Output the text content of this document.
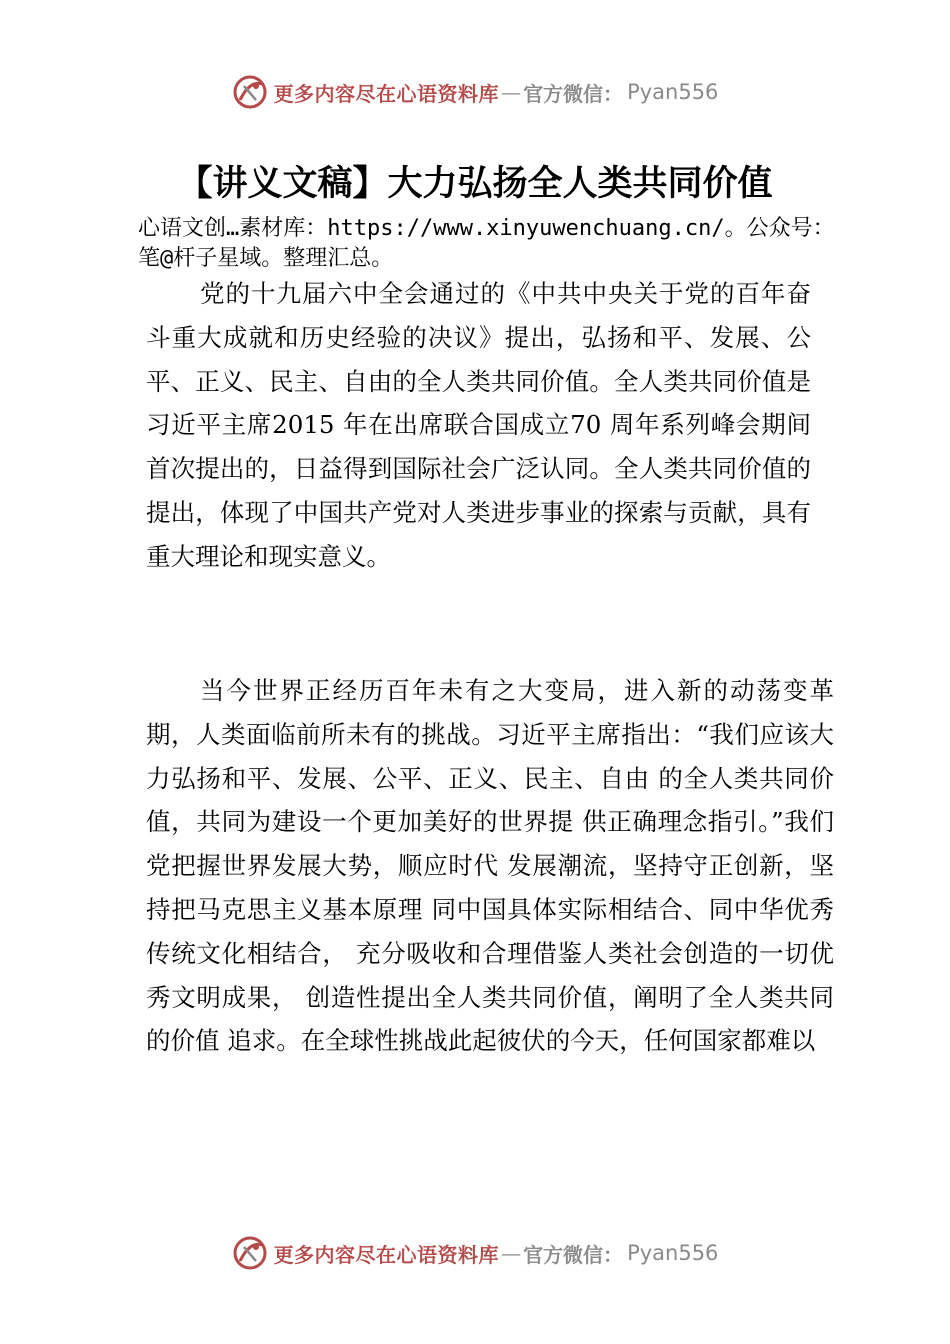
更多内容尽在心语资料库 — 官方微信： Pyan556
【讲义文稿】大力弘扬全人类共同价值
心语文创…素材库：https://www.xinyuwenchuang.cn/。公众号：笔@杆子星域。整理汇总。

党的十九届六中全会通过的《中共中央关于党的百年奋斗重大成就和历史经验的决议》提出，弘扬和平、发展、公平、正义、民主、自由的全人类共同价值。全人类共同价值是习近平主席2015 年在出席联合国成立70 周年系列峰会期间首次提出的，日益得到国际社会广泛认同。全人类共同价值的提出，体现了中国共产党对人类进步事业的探索与贡献，具有重大理论和现实意义。

当今世界正经历百年未有之大变局，进入新的动荡变革期，人类面临前所未有的挑战。习近平主席指出：“我们应该大力弘扬和平、发展、公平、正义、民主、自由 的全人类共同价值，共同为建设一个更加美好的世界提 供正确理念指引。”我们党把握世界发展大势，顺应时代 发展潮流，坚持守正创新，坚持把马克思主义基本原理 同中国具体实际相结合、同中华优秀传统文化相结合， 充分吸收和合理借鉴人类社会创造的一切优秀文明成果， 创造性提出全人类共同价值，阐明了全人类共同的价值 追求。在全球性挑战此起彼伏的今天，任何国家都难以

更多内容尽在心语资料库 — 官方微信： Pyan556
